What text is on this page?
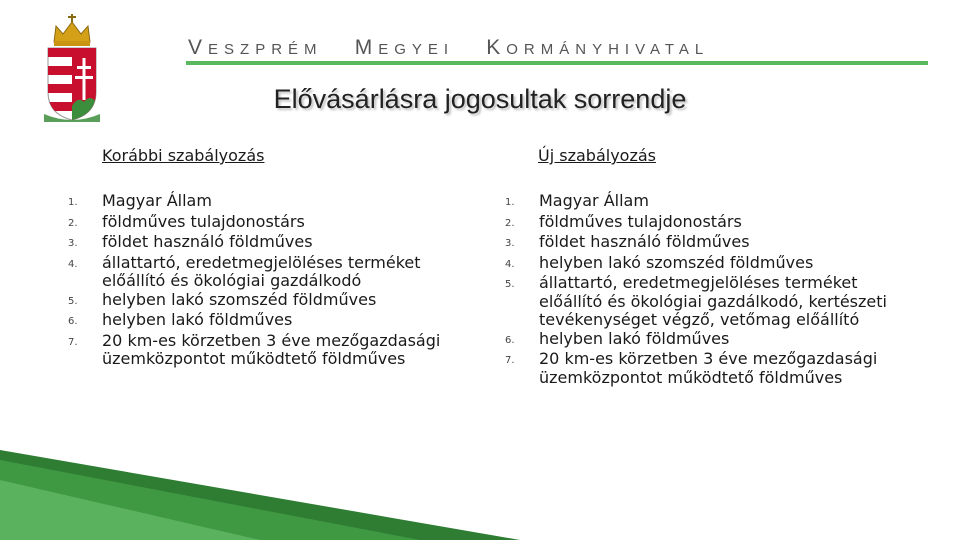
VESZPRÉM MEGYEI KORMÁNYHIVATAL
Elővásárlásra jogosultak sorrendje
Korábbi szabályozás	Új szabályozás
1.	Magyar Állam
2.	földműves tulajdonostárs
3.	földet használó földműves
4.	állattartó, eredetmegjelöléses terméket előállító és ökológiai gazdálkodó
5.	helyben lakó szomszéd földműves
6.	helyben lakó földműves
7.	20 km-es körzetben 3 éve mezőgazdasági üzemközpontot működtető földműves
1.	Magyar Állam
2.	földműves tulajdonostárs
3.	földet használó földműves
4.	helyben lakó szomszéd földműves
5.	állattartó, eredetmegjelöléses terméket előállító és ökológiai gazdálkodó, kertészeti tevékenységet végző, vetőmag előállító
6.	helyben lakó földműves
7.	20 km-es körzetben 3 éve mezőgazdasági üzemközpontot működtető földműves
